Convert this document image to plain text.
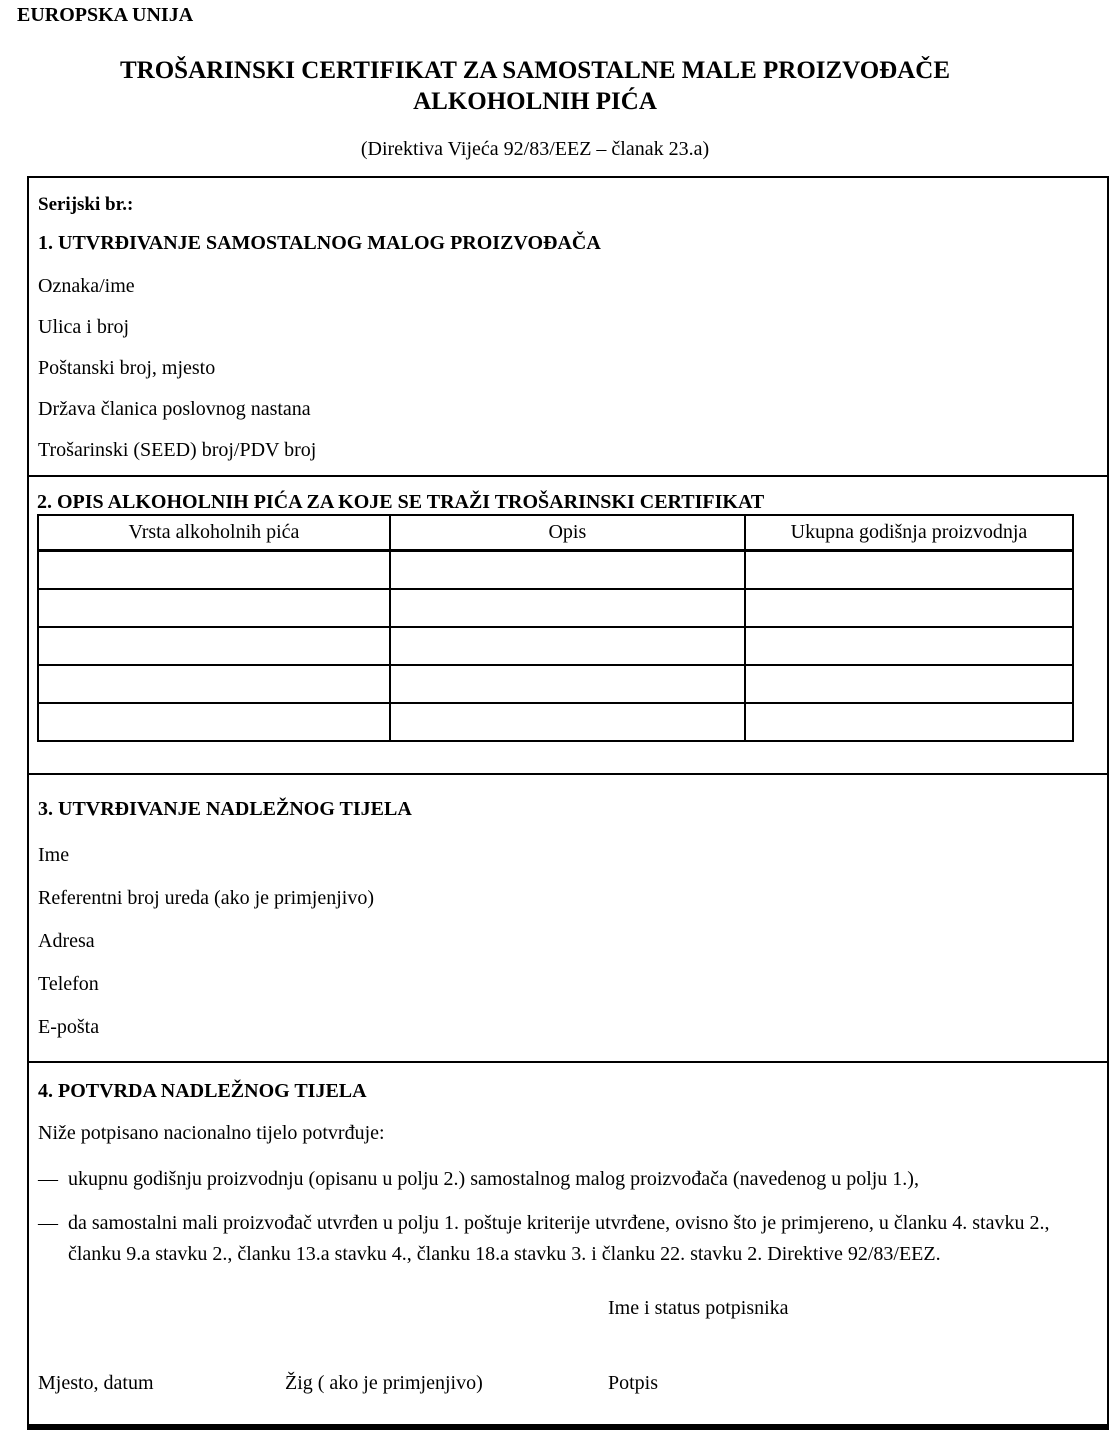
EUROPSKA UNIJA
TROŠARINSKI CERTIFIKAT ZA SAMOSTALNE MALE PROIZVOĐAČE
ALKOHOLNIH PIĆA
(Direktiva Vijeća 92/83/EEZ – članak 23.a)
Serijski br.:
1. UTVRĐIVANJE SAMOSTALNOG MALOG PROIZVOĐAČA
Oznaka/ime
Ulica i broj
Poštanski broj, mjesto
Država članica poslovnog nastana
Trošarinski (SEED) broj/PDV broj
2. OPIS ALKOHOLNIH PIĆA ZA KOJE SE TRAŽI TROŠARINSKI CERTIFIKAT
Vrsta alkoholnih pića	Opis	Ukupna godišnja proizvodnja

3. UTVRĐIVANJE NADLEŽNOG TIJELA
Ime
Referentni broj ureda (ako je primjenjivo)
Adresa
Telefon
E-pošta
4. POTVRDA NADLEŽNOG TIJELA
Niže potpisano nacionalno tijelo potvrđuje:
— ukupnu godišnju proizvodnju (opisanu u polju 2.) samostalnog malog proizvođača (navedenog u polju 1.),
— da samostalni mali proizvođač utvrđen u polju 1. poštuje kriterije utvrđene, ovisno što je primjereno, u članku 4. stavku 2., članku 9.a stavku 2., članku 13.a stavku 4., članku 18.a stavku 3. i članku 22. stavku 2. Direktive 92/83/EEZ.
Ime i status potpisnika
Mjesto, datum	Žig ( ako je primjenjivo)	Potpis
